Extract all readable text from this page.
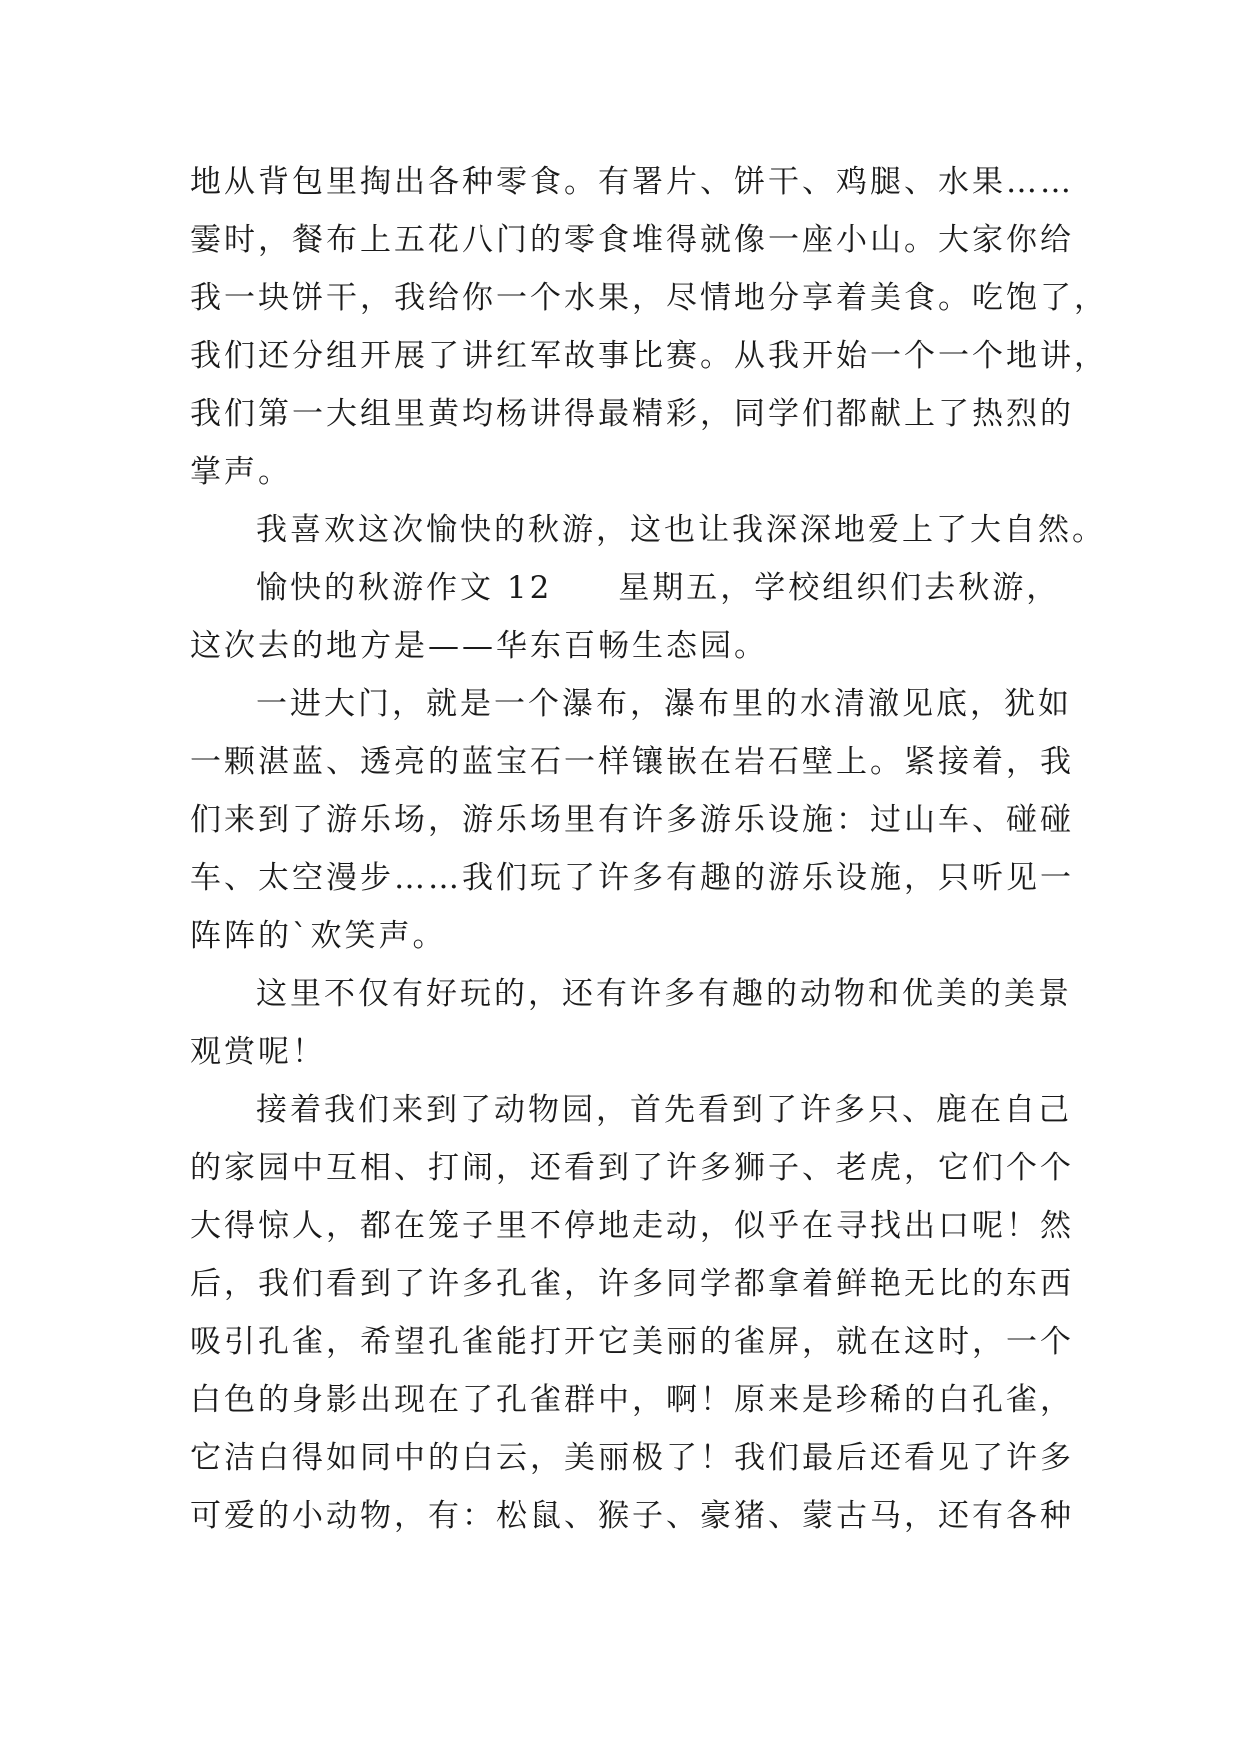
地从背包里掏出各种零食。有署片、饼干、鸡腿、水果……
霎时，餐布上五花八门的零食堆得就像一座小山。大家你给
我一块饼干，我给你一个水果，尽情地分享着美食。吃饱了，
我们还分组开展了讲红军故事比赛。从我开始一个一个地讲，
我们第一大组里黄均杨讲得最精彩，同学们都献上了热烈的
掌声。
我喜欢这次愉快的秋游，这也让我深深地爱上了大自然。
愉快的秋游作文 12 星期五，学校组织们去秋游，
这次去的地方是——华东百畅生态园。
一进大门，就是一个瀑布，瀑布里的水清澈见底，犹如
一颗湛蓝、透亮的蓝宝石一样镶嵌在岩石壁上。紧接着，我
们来到了游乐场，游乐场里有许多游乐设施：过山车、碰碰
车、太空漫步……我们玩了许多有趣的游乐设施，只听见一
阵阵的`欢笑声。
这里不仅有好玩的，还有许多有趣的动物和优美的美景
观赏呢！
接着我们来到了动物园，首先看到了许多只、鹿在自己
的家园中互相、打闹，还看到了许多狮子、老虎，它们个个
大得惊人，都在笼子里不停地走动，似乎在寻找出口呢！然
后，我们看到了许多孔雀，许多同学都拿着鲜艳无比的东西
吸引孔雀，希望孔雀能打开它美丽的雀屏，就在这时，一个
白色的身影出现在了孔雀群中，啊！原来是珍稀的白孔雀，
它洁白得如同中的白云，美丽极了！我们最后还看见了许多
可爱的小动物，有：松鼠、猴子、豪猪、蒙古马，还有各种
